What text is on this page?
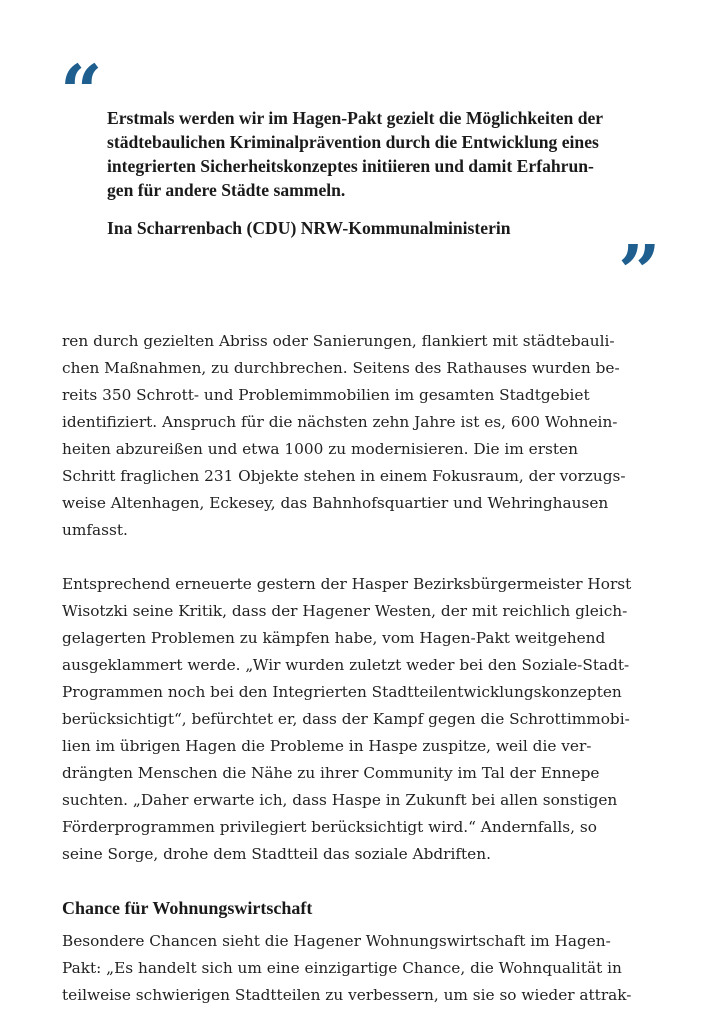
“ Erstmals werden wir im Hagen-Pakt gezielt die Möglichkeiten der
städtebaulichen Kriminalprävention durch die Entwicklung eines
integrierten Sicherheitskonzeptes initiieren und damit Erfahrun-
gen für andere Städte sammeln.

Ina Scharrenbach (CDU) NRW-Kommunalministerin

”

ren durch gezielten Abriss oder Sanierungen, flankiert mit städtebauli-
chen Maßnahmen, zu durchbrechen. Seitens des Rathauses wurden be-
reits 350 Schrott- und Problemimmobilien im gesamten Stadtgebiet
identifiziert. Anspruch für die nächsten zehn Jahre ist es, 600 Wohnein-
heiten abzureißen und etwa 1000 zu modernisieren. Die im ersten
Schritt fraglichen 231 Objekte stehen in einem Fokusraum, der vorzugs-
weise Altenhagen, Eckesey, das Bahnhofsquartier und Wehringhausen
umfasst.

Entsprechend erneuerte gestern der Hasper Bezirksbürgermeister Horst
Wisotzki seine Kritik, dass der Hagener Westen, der mit reichlich gleich-
gelagerten Problemen zu kämpfen habe, vom Hagen-Pakt weitgehend
ausgeklammert werde. „Wir wurden zuletzt weder bei den Soziale-Stadt-
Programmen noch bei den Integrierten Stadtteilentwicklungskonzepten
berücksichtigt“, befürchtet er, dass der Kampf gegen die Schrottimmobi-
lien im übrigen Hagen die Probleme in Haspe zuspitze, weil die ver-
drängten Menschen die Nähe zu ihrer Community im Tal der Ennepe
suchten. „Daher erwarte ich, dass Haspe in Zukunft bei allen sonstigen
Förderprogrammen privilegiert berücksichtigt wird.“ Andernfalls, so
seine Sorge, drohe dem Stadtteil das soziale Abdriften.

Chance für Wohnungswirtschaft

Besondere Chancen sieht die Hagener Wohnungswirtschaft im Hagen-
Pakt: „Es handelt sich um eine einzigartige Chance, die Wohnqualität in
teilweise schwierigen Stadtteilen zu verbessern, um sie so wieder attrak-
